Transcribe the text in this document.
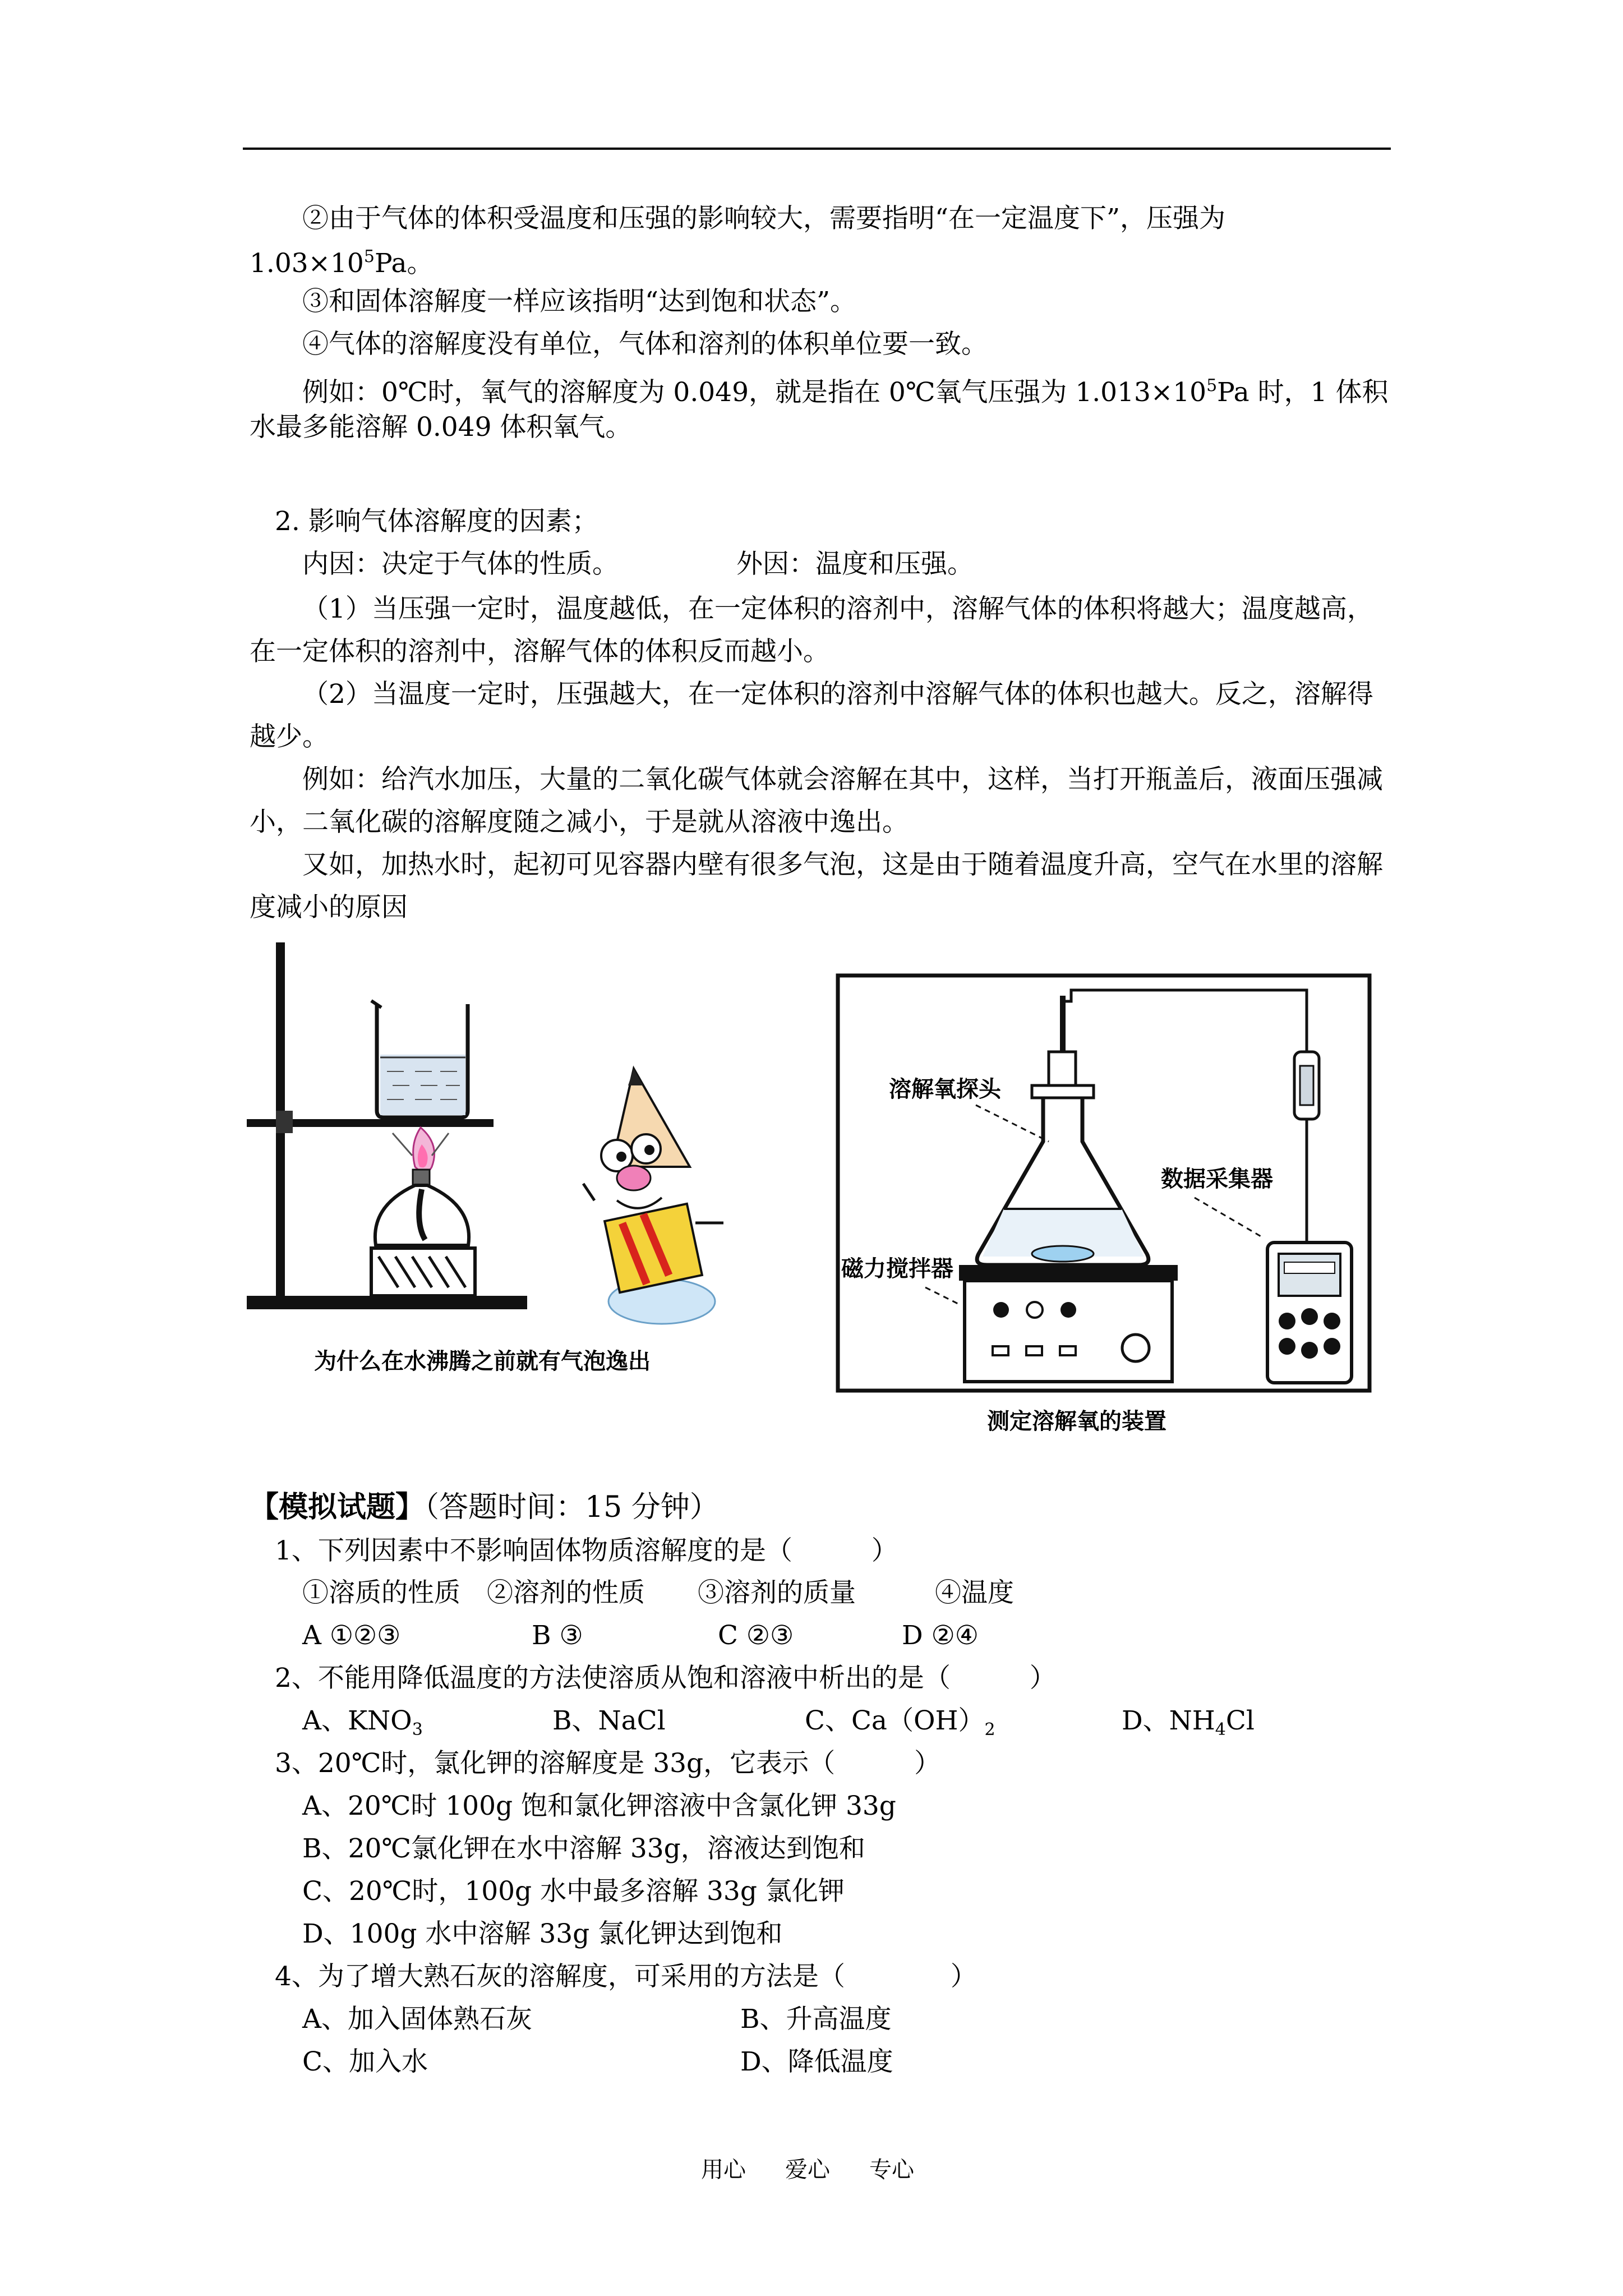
②由于气体的体积受温度和压强的影响较大，需要指明“在一定温度下”，压强为

$1.03\times 10^5Pa$。

③和固体溶解度一样应该指明“达到饱和状态”。

④气体的溶解度没有单位，气体和溶剂的体积单位要一致。

例如：0℃时，氧气的溶解度为 0.049，就是指在 0℃氧气压强为 $1.013\times 10^5Pa$ 时，1 体积
水最多能溶解 0.049 体积氧气。
2. 影响气体溶解度的因素；
内因：决定于气体的性质。	外因：温度和压强。

（1）当压强一定时，温度越低，在一定体积的溶剂中，溶解气体的体积将越大；温度越高，在一定体积的溶剂中，溶解气体的体积反而越小。

（2）当温度一定时，压强越大，在一定体积的溶剂中溶解气体的体积也越大。反之，溶解得越少。

例如：给汽水加压，大量的二氧化碳气体就会溶解在其中，这样，当打开瓶盖后，液面压强减小，二氧化碳的溶解度随之减小，于是就从溶液中逸出。

又如，加热水时，起初可见容器内壁有很多气泡，这是由于随着温度升高，空气在水里的溶解度减小的原因

为什么在水沸腾之前就有气泡逸出
溶解氧探头
数据采集器
磁力搅拌器
测定溶解氧的装置
【模拟试题】（答题时间：15 分钟）
1、下列因素中不影响固体物质溶解度的是（　　　）
①溶质的性质　②溶剂的性质　　③溶剂的质量　　　④温度
A ①②③	B ③	C ②③	D ②④
2、不能用降低温度的方法使溶质从饱和溶液中析出的是（　　　）
A、$KNO_3$	B、NaCl	C、$Ca(OH)_2$	D、$NH_4Cl$
3、20℃时，氯化钾的溶解度是 33g，它表示（　　　）
A、20℃时 100g 饱和氯化钾溶液中含氯化钾 33g
B、20℃氯化钾在水中溶解 33g，溶液达到饱和
C、20℃时，100g 水中最多溶解 33g 氯化钾
D、100g 水中溶解 33g 氯化钾达到饱和
4、为了增大熟石灰的溶解度，可采用的方法是（　　　　）
A、加入固体熟石灰	B、升高温度
C、加入水	D、降低温度
用心 爱心 专心
